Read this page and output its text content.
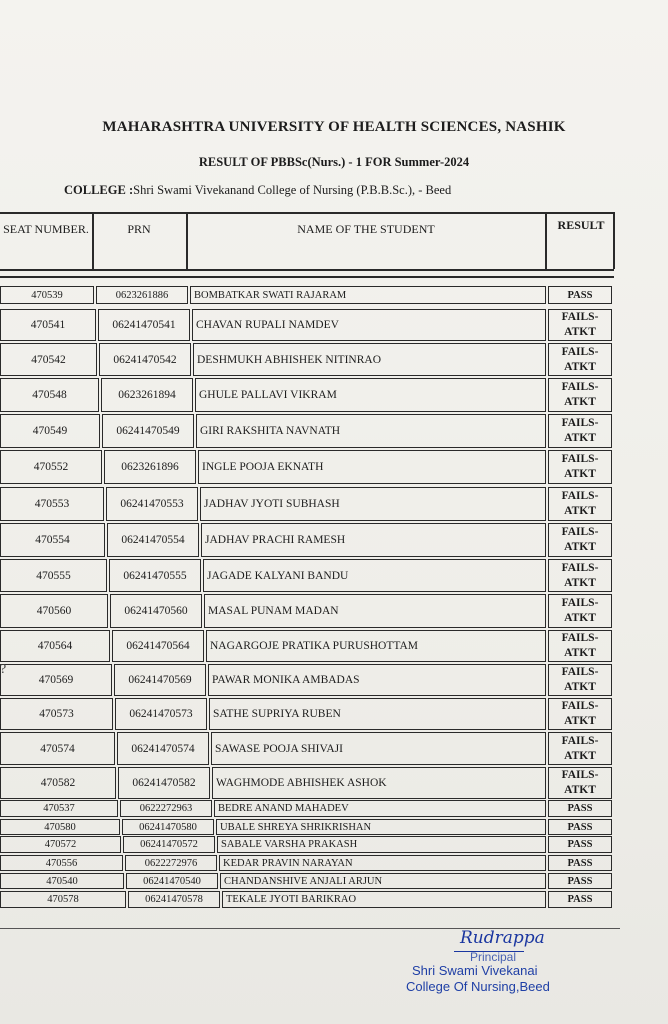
MAHARASHTRA UNIVERSITY OF HEALTH SCIENCES, NASHIK
RESULT OF PBBSc(Nurs.) - 1 FOR Summer-2024
COLLEGE :Shri Swami Vivekanand College of Nursing (P.B.B.Sc.), - Beed
SEAT NUMBER.	PRN	NAME OF THE STUDENT	RESULT
470539	0623261886 BOMBATKAR SWATI RAJARAM	PASS
470541	06241470541 CHAVAN RUPALI NAMDEV
FAILS-
ATKT
470542	06241470542 DESHMUKH ABHISHEK NITINRAO
FAILS-
ATKT
470548	0623261894 GHULE PALLAVI VIKRAM
FAILS-
ATKT
470549	06241470549 GIRI RAKSHITA NAVNATH
FAILS-
ATKT
470552	0623261896 INGLE POOJA EKNATH
FAILS-
ATKT
470553	06241470553 JADHAV JYOTI SUBHASH
FAILS-
ATKT
470554	06241470554 JADHAV PRACHI RAMESH
FAILS-
ATKT
470555	06241470555 JAGADE KALYANI BANDU
FAILS-
ATKT
470560	06241470560 MASAL PUNAM MADAN
FAILS-
ATKT
470564	06241470564 NAGARGOJE PRATIKA PURUSHOTTAM
FAILS-
ATKT
470569	06241470569 PAWAR MONIKA AMBADAS
FAILS-
ATKT
470573	06241470573 SATHE SUPRIYA RUBEN
FAILS-
ATKT
470574	06241470574 SAWASE POOJA SHIVAJI
FAILS-
ATKT
470582	06241470582 WAGHMODE ABHISHEK ASHOK
FAILS-
ATKT
470537	0622272963 BEDRE ANAND MAHADEV	PASS
470580	06241470580 UBALE SHREYA SHRIKRISHAN	PASS
470572	06241470572 SABALE VARSHA PRAKASH	PASS
470556	0622272976 KEDAR PRAVIN NARAYAN	PASS
470540	06241470540 CHANDANSHIVE ANJALI ARJUN	PASS
470578	06241470578 TEKALE JYOTI BARIKRAO	PASS
?
Rudrappa
Principal
Shri Swami Vivekanai
College Of Nursing,Beed
